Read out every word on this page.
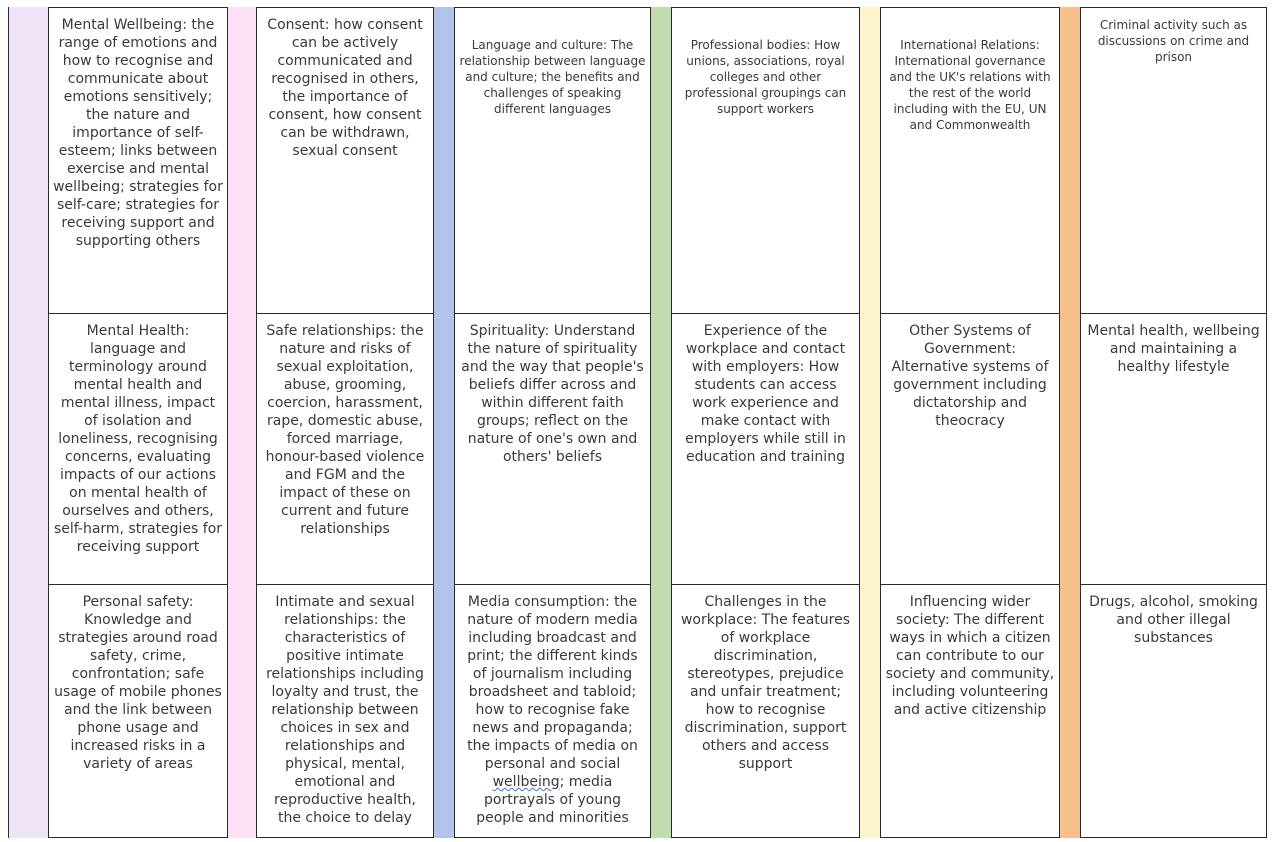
Mental Wellbeing: the range of emotions and how to recognise and communicate about emotions sensitively; the nature and importance of self-esteem; links between exercise and mental wellbeing; strategies for self-care; strategies for receiving support and supporting others
Mental Health: language and terminology around mental health and mental illness, impact of isolation and loneliness, recognising concerns, evaluating impacts of our actions on mental health of ourselves and others, self-harm, strategies for receiving support
Personal safety: Knowledge and strategies around road safety, crime, confrontation; safe usage of mobile phones and the link between phone usage and increased risks in a variety of areas
Consent: how consent can be actively communicated and recognised in others, the importance of consent, how consent can be withdrawn, sexual consent
Safe relationships: the nature and risks of sexual exploitation, abuse, grooming, coercion, harassment, rape, domestic abuse, forced marriage, honour-based violence and FGM and the impact of these on current and future relationships
Intimate and sexual relationships: the characteristics of positive intimate relationships including loyalty and trust, the relationship between choices in sex and relationships and physical, mental, emotional and reproductive health, the choice to delay
Language and culture: The relationship between language and culture; the benefits and challenges of speaking different languages
Spirituality: Understand the nature of spirituality and the way that people's beliefs differ across and within different faith groups; reflect on the nature of one's own and others' beliefs
Media consumption: the nature of modern media including broadcast and print; the different kinds of journalism including broadsheet and tabloid; how to recognise fake news and propaganda; the impacts of media on personal and social wellbeing; media portrayals of young people and minorities
Professional bodies: How unions, associations, royal colleges and other professional groupings can support workers
Experience of the workplace and contact with employers: How students can access work experience and make contact with employers while still in education and training
Challenges in the workplace: The features of workplace discrimination, stereotypes, prejudice and unfair treatment; how to recognise discrimination, support others and access support
International Relations: International governance and the UK's relations with the rest of the world including with the EU, UN and Commonwealth
Other Systems of Government: Alternative systems of government including dictatorship and theocracy
Influencing wider society: The different ways in which a citizen can contribute to our society and community, including volunteering and active citizenship
Criminal activity such as discussions on crime and prison
Mental health, wellbeing and maintaining a healthy lifestyle
Drugs, alcohol, smoking and other illegal substances
